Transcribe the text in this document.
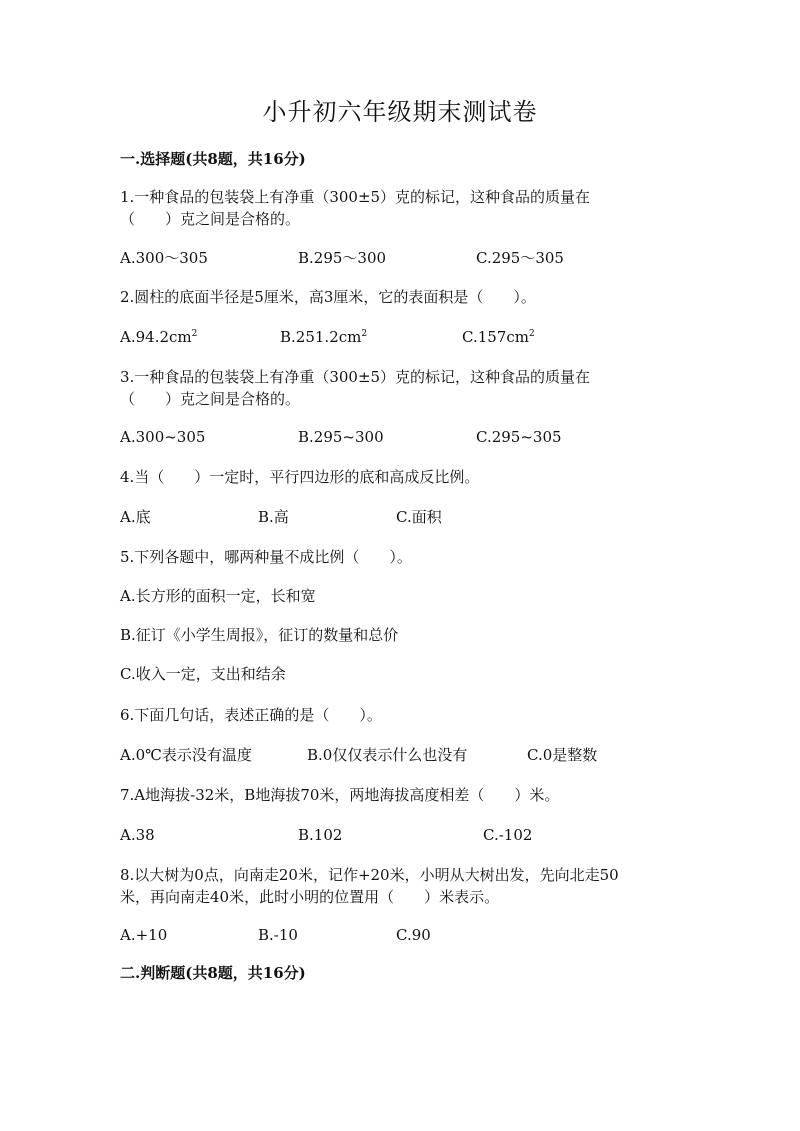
小升初六年级期末测试卷
一.选择题(共8题，共16分)
1.一种食品的包装袋上有净重（300±5）克的标记，这种食品的质量在
（　　）克之间是合格的。
A.300～305	B.295～300	C.295～305
2.圆柱的底面半径是5厘米，高3厘米，它的表面积是（　　）。
$A.94.2cm^2$	$B.251.2cm^2$	$C.157cm^2$
3.一种食品的包装袋上有净重（300±5）克的标记，这种食品的质量在
（　　）克之间是合格的。
A.300~305	B.295~300	C.295~305
4.当（　　）一定时，平行四边形的底和高成反比例。
A.底	B.高	C.面积
5.下列各题中，哪两种量不成比例（　　）。
A.长方形的面积一定，长和宽
B.征订《小学生周报》，征订的数量和总价
C.收入一定，支出和结余
6.下面几句话，表述正确的是（　　）。
A.0℃表示没有温度	B.0仅仅表示什么也没有	C.0是整数
7.A地海拔-32米，B地海拔70米，两地海拔高度相差（　　）米。
A.38	B.102	C.-102
8.以大树为0点，向南走20米，记作+20米，小明从大树出发，先向北走50
米，再向南走40米，此时小明的位置用（　　）米表示。
A.+10	B.-10	C.90
二.判断题(共8题，共16分)
